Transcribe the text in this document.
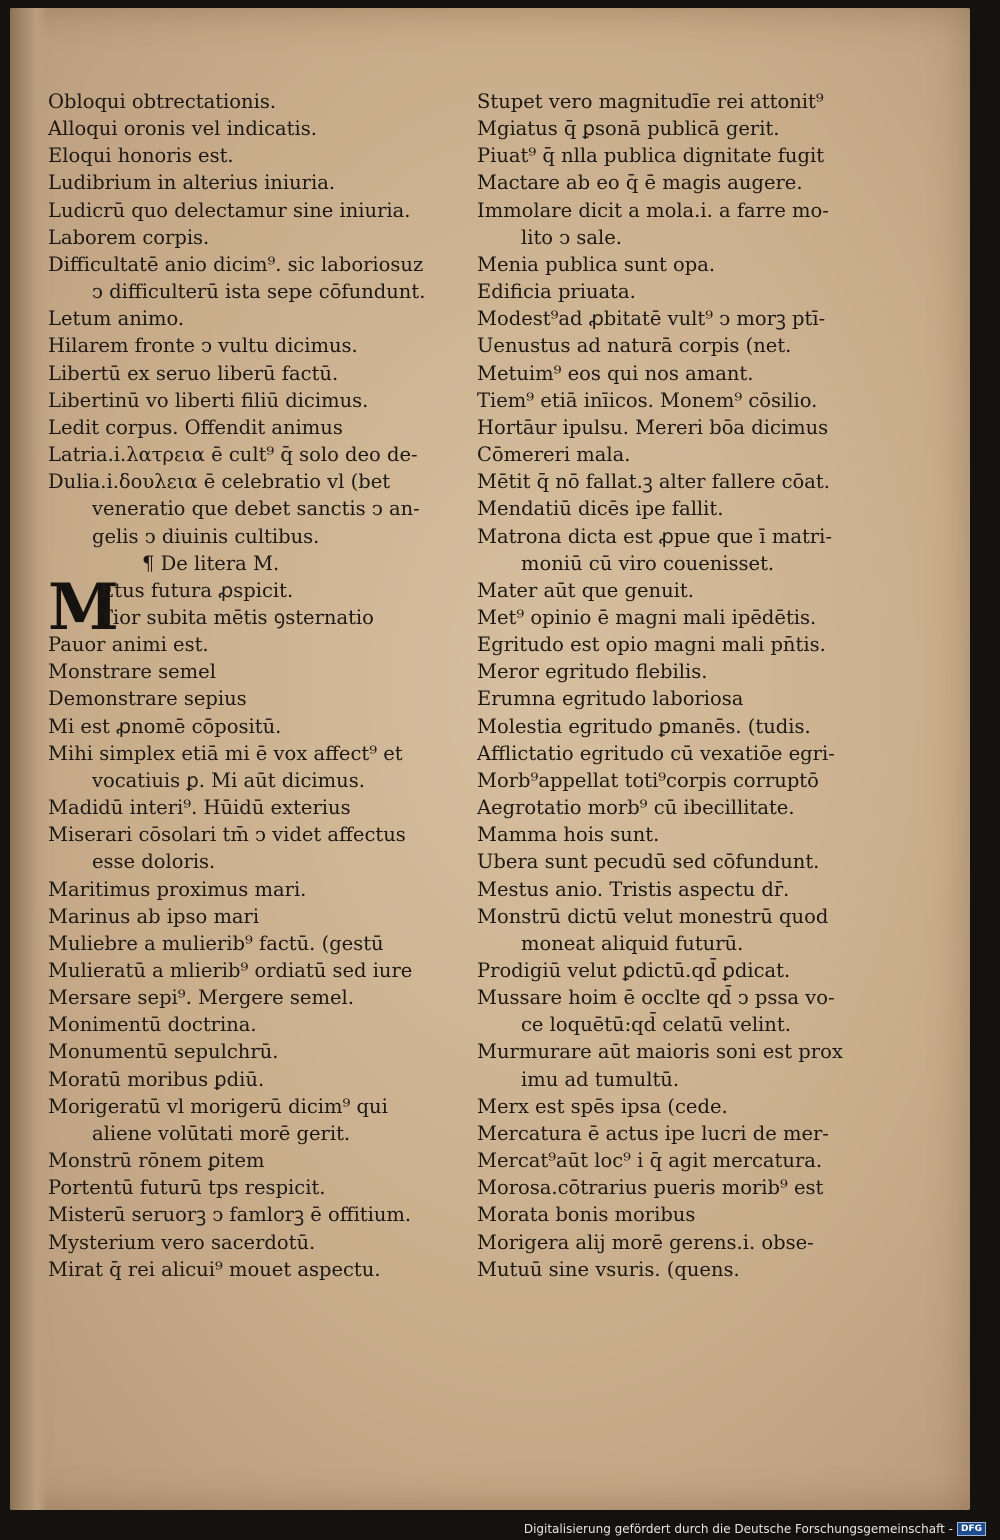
M
Obloqui obtrectationis.
Alloqui oronis vel indicatis.
Eloqui honoris est.
Ludibrium in alterius iniuria.
Ludicrū quo delectamur sine iniuria.
Laborem corpis.
Difficultatē anio dicim⁹. sic laboriosuz
ↄ difficulterū ista sepe cōfundunt.
Letum animo.
Hilarem fronte ↄ vultu dicimus.
Libertū ex seruo liberū factū.
Libertinū vo liberti filiū dicimus.
Ledit corpus. Offendit animus
Latria.i.λατρεια ē cult⁹ q̄ solo deo de-
Dulia.i.δουλεια ē celebratio vl (bet
veneratio que debet sanctis ↄ an-
gelis ↄ diuinis cultibus.
¶ De litera M.
Etus futura ꝓspicit.
Tior subita mētis ꝯsternatio
Pauor animi est.
Monstrare semel
Demonstrare sepius
Mi est ꝓnomē cōpositū.
Mihi simplex etiā mi ē vox affect⁹ et
vocatiuis ꝑ. Mi aūt dicimus.
Madidū interi⁹. Hūidū exterius
Miserari cōsolari tm̄ ↄ videt affectus
esse doloris.
Maritimus proximus mari.
Marinus ab ipso mari
Muliebre a mulierib⁹ factū. (gestū
Mulieratū a mlierib⁹ ordiatū sed iure
Mersare sepi⁹. Mergere semel.
Monimentū doctrina.
Monumentū sepulchrū.
Moratū moribus ꝑdiū.
Morigeratū vl morigerū dicim⁹ qui
aliene volūtati morē gerit.
Monstrū rōnem ꝑitem
Portentū futurū tps respicit.
Misterū seruorꝫ ↄ famlorꝫ ē offitium.
Mysterium vero sacerdotū.
Mirat q̄ rei alicui⁹ mouet aspectu.
Stupet vero magnitudīe rei attonit⁹
Mgiatus q̄ ꝑsonā publicā gerit.
Piuat⁹ q̄ nlla publica dignitate fugit
Mactare ab eo q̄ ē magis augere.
Immolare dicit a mola.i. a farre mo-
lito ↄ sale.
Menia publica sunt opa.
Edificia priuata.
Modest⁹ad ꝓbitatē vult⁹ ↄ morꝫ ptī-
Uenustus ad naturā corpis (net.
Metuim⁹ eos qui nos amant.
Tiem⁹ etiā inīicos. Monem⁹ cōsilio.
Hortāur ipulsu. Mereri bōa dicimus
Cōmereri mala.
Mētit q̄ nō fallat.ꝫ alter fallere cōat.
Mendatiū dicēs ipe fallit.
Matrona dicta est ꝓpue que ī matri-
moniū cū viro couenisset.
Mater aūt que genuit.
Met⁹ opinio ē magni mali ipēdētis.
Egritudo est opio magni mali pn̄tis.
Meror egritudo flebilis.
Erumna egritudo laboriosa
Molestia egritudo ꝑmanēs. (tudis.
Afflictatio egritudo cū vexatiōe egri-
Morb⁹appellat toti⁹corpis corruptō
Aegrotatio morb⁹ cū ibecillitate.
Mamma hois sunt.
Ubera sunt pecudū sed cōfundunt.
Mestus anio. Tristis aspectu dr̄.
Monstrū dictū velut monestrū quod
moneat aliquid futurū.
Prodigiū velut ꝑdictū.qd̄ ꝑdicat.
Mussare hoim ē occlte qd̄ ↄ pssa vo-
ce loquētū:qd̄ celatū velint.
Murmurare aūt maioris soni est prox
imu ad tumultū.
Merx est spēs ipsa (cede.
Mercatura ē actus ipe lucri de mer-
Mercat⁹aūt loc⁹ i q̄ agit mercatura.
Morosa.cōtrarius pueris morib⁹ est
Morata bonis moribus
Morigera alij morē gerens.i. obse-
Mutuū sine vsuris. (quens.
Digitalisierung gefördert durch die Deutsche Forschungsgemeinschaft - DFG
